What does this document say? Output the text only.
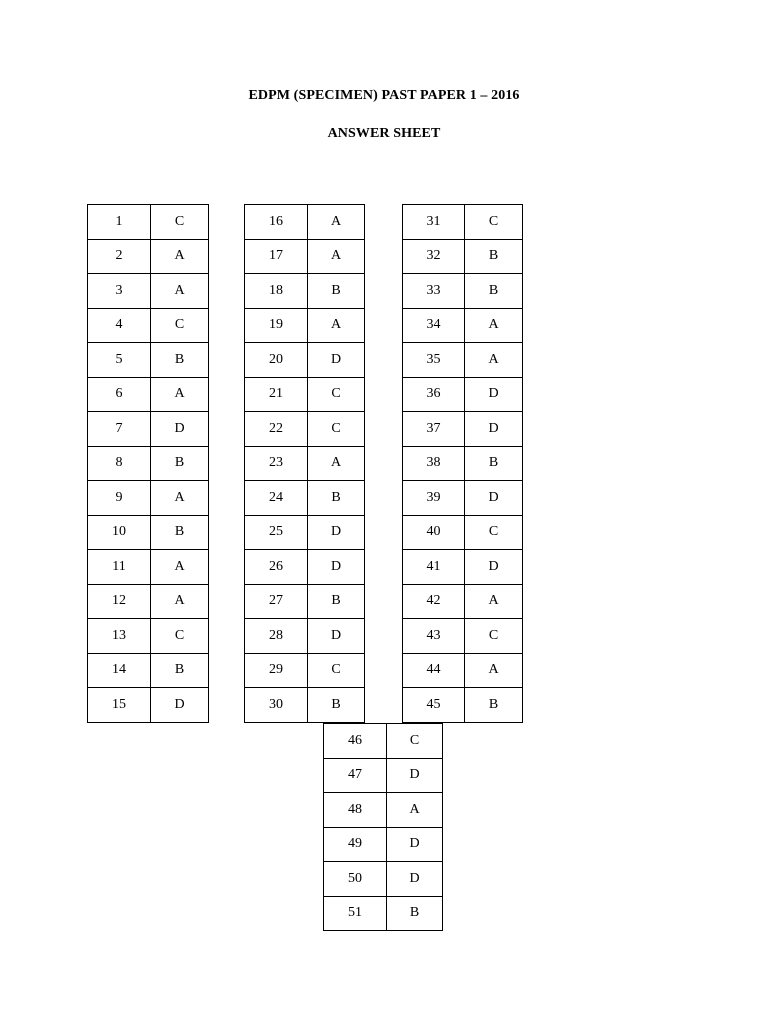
EDPM (SPECIMEN) PAST PAPER 1 – 2016
ANSWER SHEET
1	C
2	A
3	A
4	C
5	B
6	A
7	D
8	B
9	A
10	B
11	A
12	A
13	C
14	B
15	D
16	A
17	A
18	B
19	A
20	D
21	C
22	C
23	A
24	B
25	D
26	D
27	B
28	D
29	C
30	B
31	C
32	B
33	B
34	A
35	A
36	D
37	D
38	B
39	D
40	C
41	D
42	A
43	C
44	A
45	B
46	C
47	D
48	A
49	D
50	D
51	B
